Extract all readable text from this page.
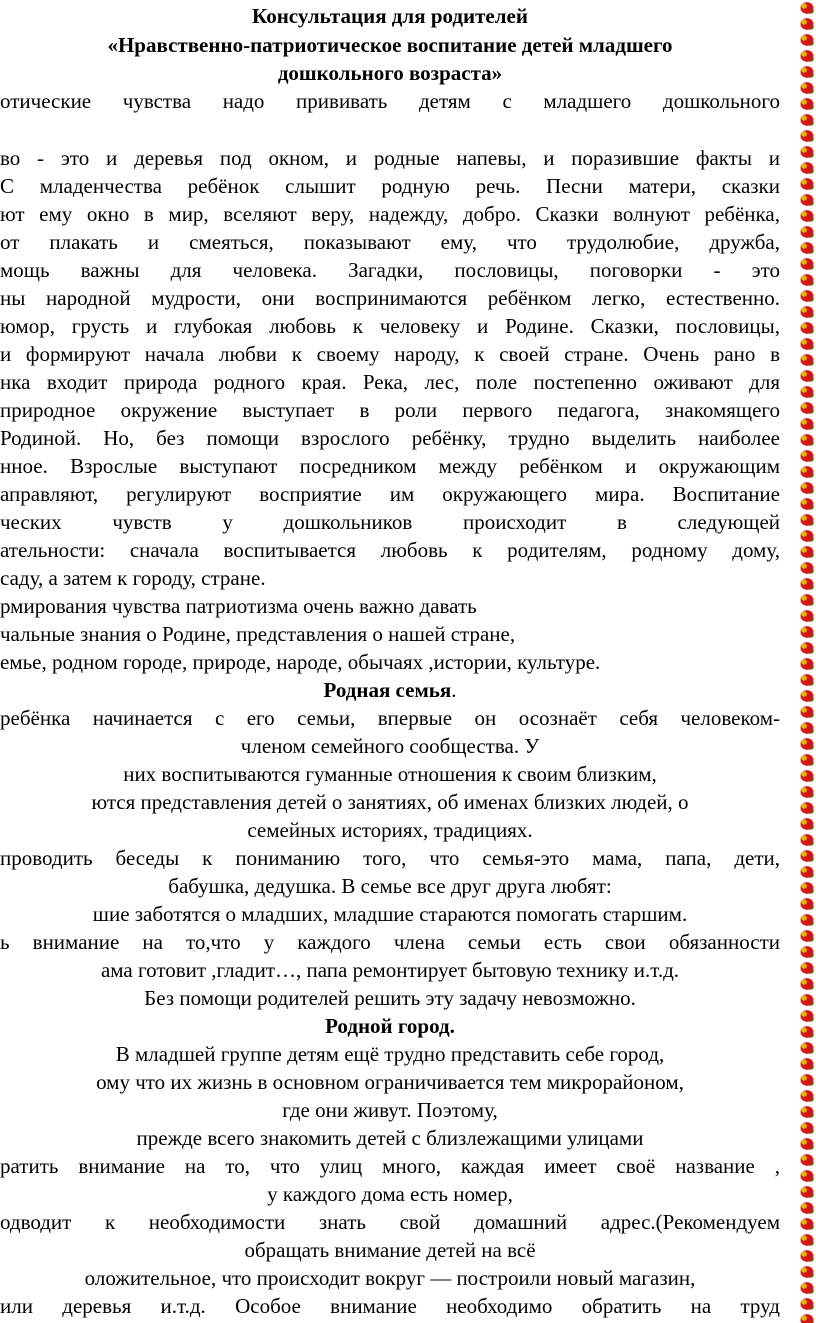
Консультация для родителей
«Нравственно-патриотическое воспитание детей младшего
дошкольного возраста»
отические чувства надо прививать детям с младшего дошкольного
во - это и деревья под окном, и родные напевы, и поразившие факты и
С младенчества ребёнок слышит родную речь. Песни матери, сказки
ют ему окно в мир, вселяют веру, надежду, добро. Сказки волнуют ребёнка,
от плакать и смеяться, показывают ему, что трудолюбие, дружба,
мощь важны для человека. Загадки, пословицы, поговорки - это
ны народной мудрости, они воспринимаются ребёнком легко, естественно.
юмор, грусть и глубокая любовь к человеку и Родине. Сказки, пословицы,
и формируют начала любви к своему народу, к своей стране. Очень рано в
нка входит природа родного края. Река, лес, поле постепенно оживают для
природное окружение выступает в роли первого педагога, знакомящего
Родиной. Но, без помощи взрослого ребёнку, трудно выделить наиболее
нное. Взрослые выступают посредником между ребёнком и окружающим
аправляют, регулируют восприятие им окружающего мира. Воспитание
ческих чувств у дошкольников происходит в следующей
ательности: сначала воспитывается любовь к родителям, родному дому,
саду, а затем к городу, стране.
рмирования чувства патриотизма очень важно давать
чальные знания о Родине, представления о нашей стране,
емье, родном городе, природе, народе, обычаях ,истории, культуре.
Родная семья.
ребёнка начинается с его семьи, впервые он осознаёт себя человеком-
членом семейного сообщества. У
них воспитываются гуманные отношения к своим близким,
ются представления детей о занятиях, об именах близких людей, о
семейных историях, традициях.
проводить беседы к пониманию того, что семья-это мама, папа, дети,
бабушка, дедушка. В семье все друг друга любят:
шие заботятся о младших, младшие стараются помогать старшим.
ь внимание на то,что у каждого члена семьи есть свои обязанности
ама готовит ,гладит…, папа ремонтирует бытовую технику и.т.д.
Без помощи родителей решить эту задачу невозможно.
Родной город.
В младшей группе детям ещё трудно представить себе город,
ому что их жизнь в основном ограничивается тем микрорайоном,
где они живут. Поэтому,
прежде всего знакомить детей с близлежащими улицами
ратить внимание на то, что улиц много, каждая имеет своё название ,
у каждого дома есть номер,
одводит к необходимости знать свой домашний адрес.(Рекомендуем
обращать внимание детей на всё
оложительное, что происходит вокруг — построили новый магазин,
или деревья и.т.д. Особое внимание необходимо обратить на труд
